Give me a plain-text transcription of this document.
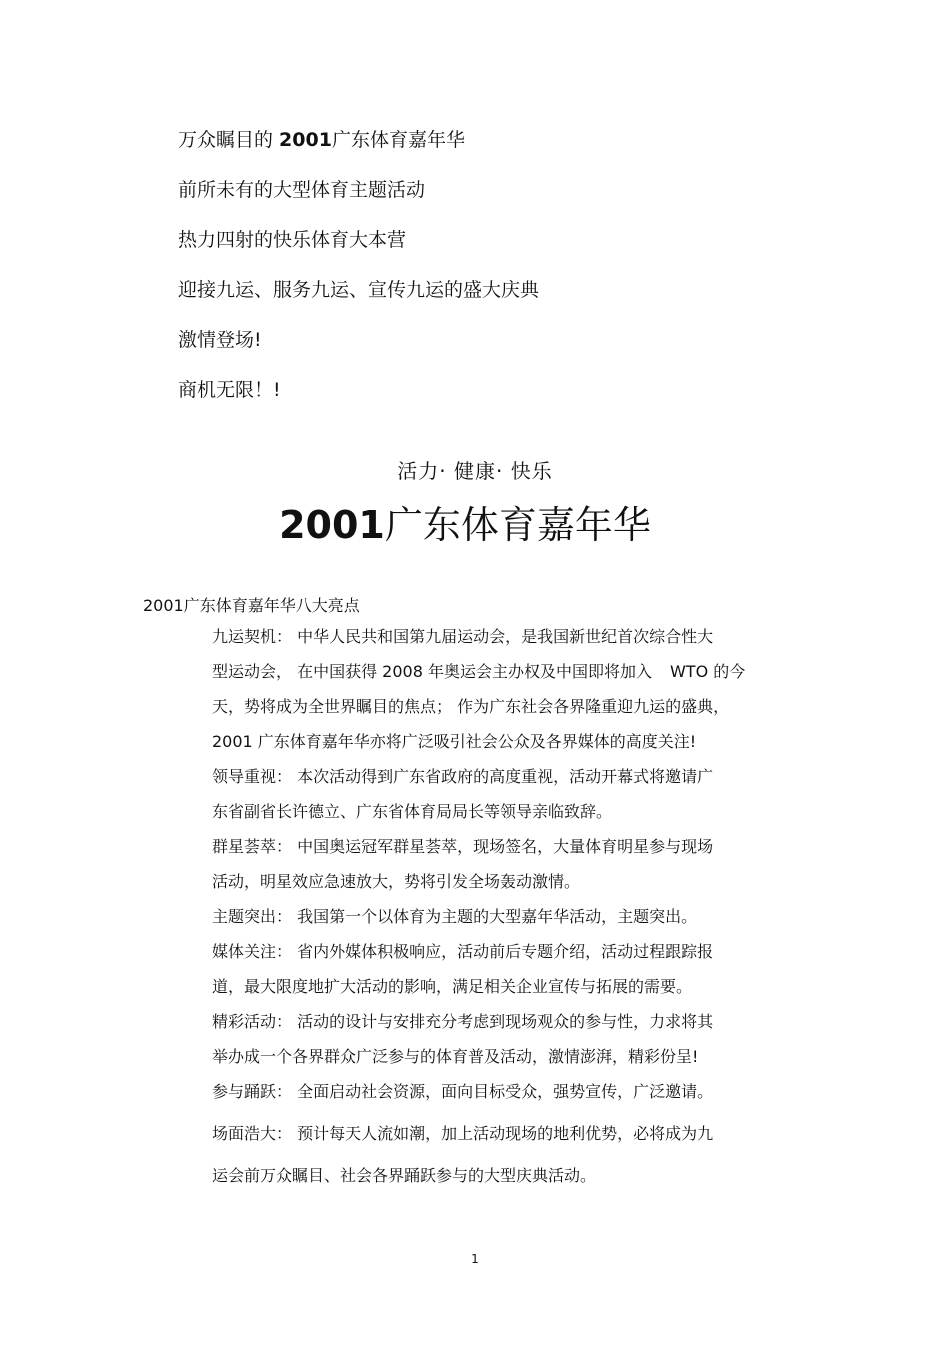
万众瞩目的 2001广东体育嘉年华
前所未有的大型体育主题活动
热力四射的快乐体育大本营
迎接九运、服务九运、宣传九运的盛大庆典
激情登场!
商机无限！!
活力· 健康· 快乐
2001广东体育嘉年华
2001广东体育嘉年华八大亮点
九运契机： 中华人民共和国第九届运动会，是我国新世纪首次综合性大
型运动会， 在中国获得 2008 年奥运会主办权及中国即将加入 WTO 的今
天，势将成为全世界瞩目的焦点； 作为广东社会各界隆重迎九运的盛典，
2001 广东体育嘉年华亦将广泛吸引社会公众及各界媒体的高度关注!
领导重视： 本次活动得到广东省政府的高度重视，活动开幕式将邀请广
东省副省长许德立、广东省体育局局长等领导亲临致辞。
群星荟萃： 中国奥运冠军群星荟萃，现场签名，大量体育明星参与现场
活动，明星效应急速放大，势将引发全场轰动激情。
主题突出： 我国第一个以体育为主题的大型嘉年华活动，主题突出。
媒体关注： 省内外媒体积极响应，活动前后专题介绍，活动过程跟踪报
道，最大限度地扩大活动的影响，满足相关企业宣传与拓展的需要。
精彩活动： 活动的设计与安排充分考虑到现场观众的参与性，力求将其
举办成一个各界群众广泛参与的体育普及活动，激情澎湃，精彩份呈!
参与踊跃： 全面启动社会资源，面向目标受众，强势宣传，广泛邀请。
场面浩大： 预计每天人流如潮，加上活动现场的地利优势，必将成为九
运会前万众瞩目、社会各界踊跃参与的大型庆典活动。
1
